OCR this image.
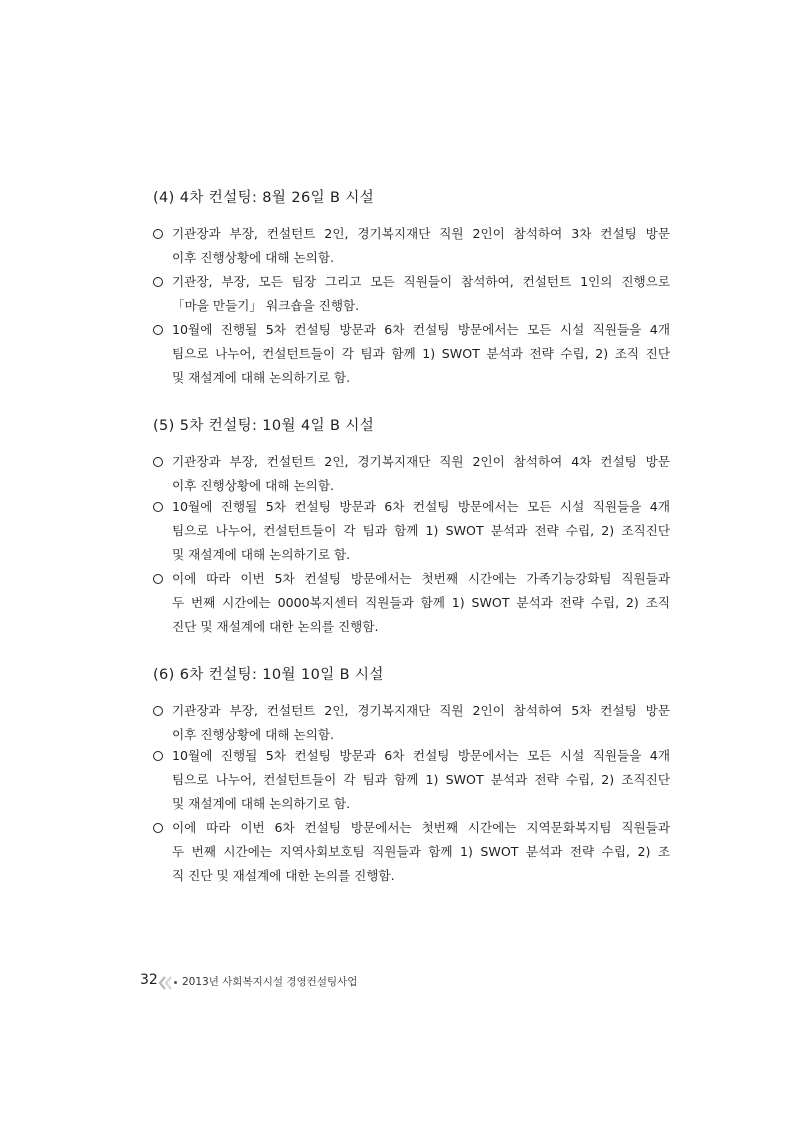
(4) 4차 컨설팅: 8월 26일 B 시설
기관장과 부장, 컨설턴트 2인, 경기복지재단 직원 2인이 참석하여 3차 컨설팅 방문
이후 진행상황에 대해 논의함.
기관장, 부장, 모든 팀장 그리고 모든 직원들이 참석하여, 컨설턴트 1인의 진행으로
「마을 만들기」 워크숍을 진행함.
10월에 진행될 5차 컨설팅 방문과 6차 컨설팅 방문에서는 모든 시설 직원들을 4개
팀으로 나누어, 컨설턴트들이 각 팀과 함께 1) SWOT 분석과 전략 수립, 2) 조직 진단
및 재설계에 대해 논의하기로 함.
(5) 5차 컨설팅: 10월 4일 B 시설
기관장과 부장, 컨설턴트 2인, 경기복지재단 직원 2인이 참석하여 4차 컨설팅 방문
이후 진행상황에 대해 논의함.
10월에 진행될 5차 컨설팅 방문과 6차 컨설팅 방문에서는 모든 시설 직원들을 4개
팀으로 나누어, 컨설턴트들이 각 팀과 함께 1) SWOT 분석과 전략 수립, 2) 조직진단
및 재설계에 대해 논의하기로 함.
이에 따라 이번 5차 컨설팅 방문에서는 첫번째 시간에는 가족기능강화팀 직원들과
두 번째 시간에는 0000복지센터 직원들과 함께 1) SWOT 분석과 전략 수립, 2) 조직
진단 및 재설계에 대한 논의를 진행함.
(6) 6차 컨설팅: 10월 10일 B 시설
기관장과 부장, 컨설턴트 2인, 경기복지재단 직원 2인이 참석하여 5차 컨설팅 방문
이후 진행상황에 대해 논의함.
10월에 진행될 5차 컨설팅 방문과 6차 컨설팅 방문에서는 모든 시설 직원들을 4개
팀으로 나누어, 컨설턴트들이 각 팀과 함께 1) SWOT 분석과 전략 수립, 2) 조직진단
및 재설계에 대해 논의하기로 함.
이에 따라 이번 6차 컨설팅 방문에서는 첫번째 시간에는 지역문화복지팀 직원들과
두 번째 시간에는 지역사회보호팀 직원들과 함께 1) SWOT 분석과 전략 수립, 2) 조
직 진단 및 재설계에 대한 논의를 진행함.
32 2013년 사회복지시설 경영컨설팅사업
